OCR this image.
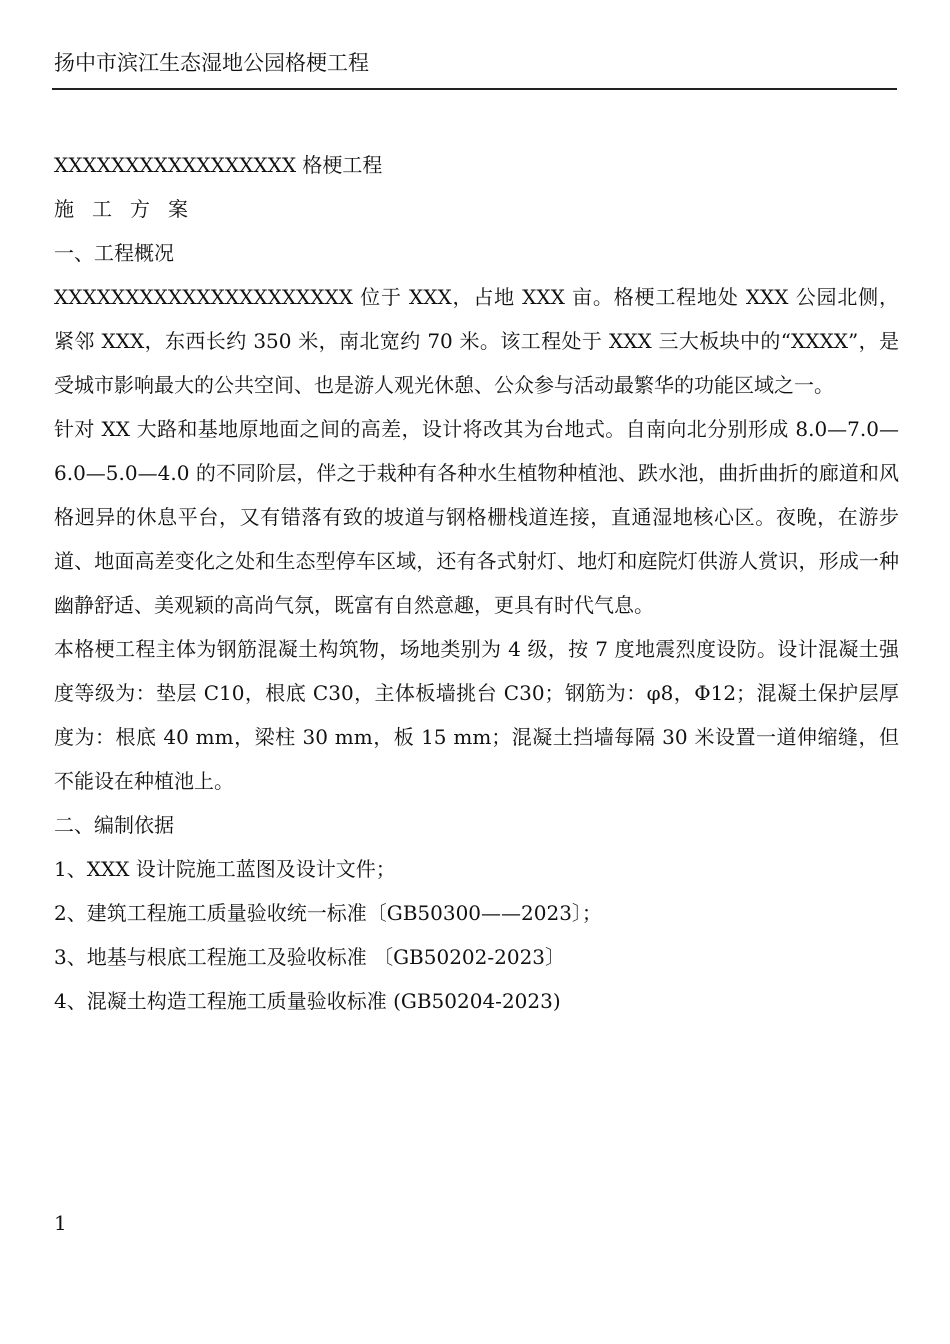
扬中市滨江生态湿地公园格梗工程
XXXXXXXXXXXXXXXXX 格梗工程
施工方案
一、工程概况
XXXXXXXXXXXXXXXXXXXXX 位于 XXX，占地 XXX 亩。格梗工程地处 XXX 公园北侧，紧邻 XXX，东西长约 350 米，南北宽约 70 米。该工程处于 XXX 三大板块中的“XXXX”，是受城市影响最大的公共空间、也是游人观光休憩、公众参与活动最繁华的功能区域之一。
针对 XX 大路和基地原地面之间的高差，设计将改其为台地式。自南向北分别形成 8.0—7.0—6.0—5.0—4.0 的不同阶层，伴之于栽种有各种水生植物种植池、跌水池，曲折曲折的廊道和风格迥异的休息平台，又有错落有致的坡道与钢格栅栈道连接，直通湿地核心区。夜晚，在游步道、地面高差变化之处和生态型停车区域，还有各式射灯、地灯和庭院灯供游人赏识，形成一种幽静舒适、美观颖的高尚气氛，既富有自然意趣，更具有时代气息。
本格梗工程主体为钢筋混凝土构筑物，场地类别为 4 级，按 7 度地震烈度设防。设计混凝土强度等级为：垫层 C10，根底 C30，主体板墙挑台 C30；钢筋为：φ8，Φ12；混凝土保护层厚度为：根底 40 mm，梁柱 30 mm，板 15 mm；混凝土挡墙每隔 30 米设置一道伸缩缝，但不能设在种植池上。
二、编制依据
1、XXX 设计院施工蓝图及设计文件；
2、建筑工程施工质量验收统一标准〔GB50300——2023〕；
3、地基与根底工程施工及验收标准 〔GB50202-2023〕
4、混凝土构造工程施工质量验收标准 (GB50204-2023)
1
